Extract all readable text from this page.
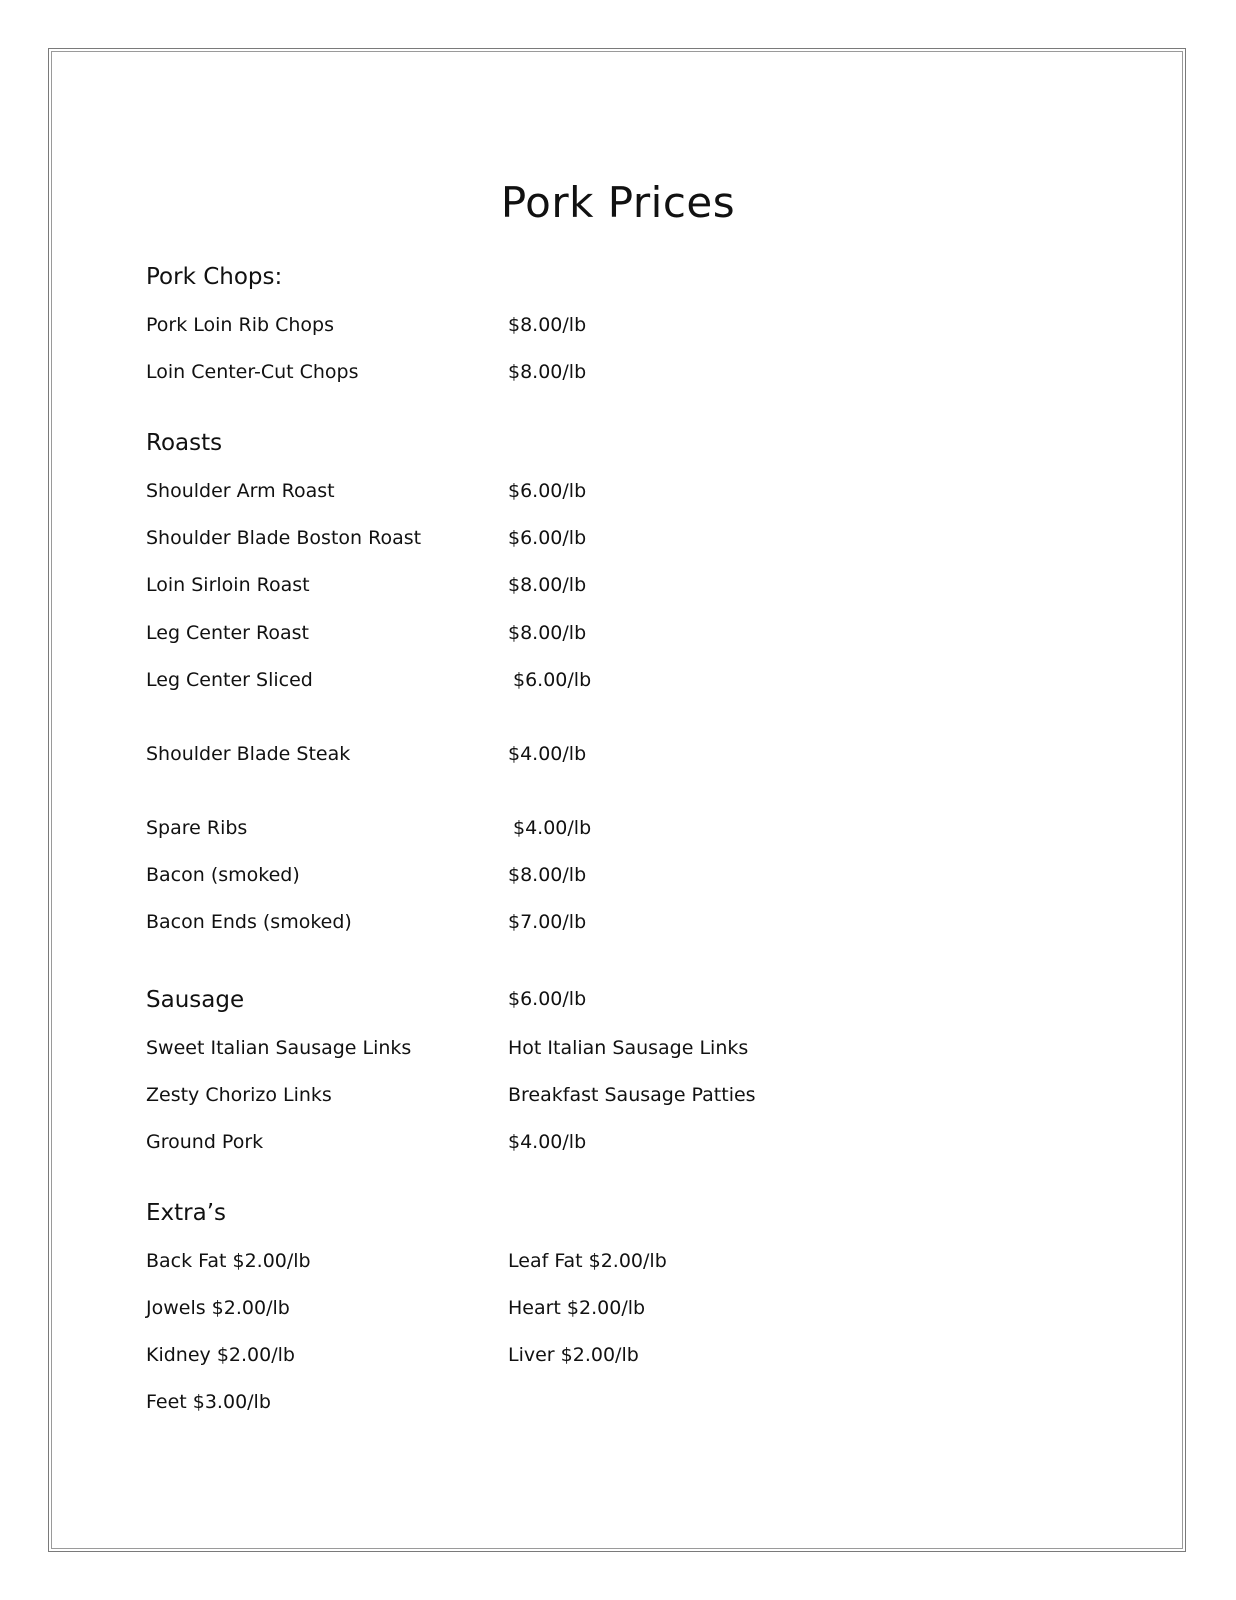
Pork Prices
Pork Chops:
Pork Loin Rib Chops	$8.00/lb
Loin Center-Cut Chops	$8.00/lb
Roasts
Shoulder Arm Roast	$6.00/lb
Shoulder Blade Boston Roast	$6.00/lb
Loin Sirloin Roast	$8.00/lb
Leg Center Roast	$8.00/lb
Leg Center Sliced	$6.00/lb
Shoulder Blade Steak	$4.00/lb
Spare Ribs	$4.00/lb
Bacon (smoked)	$8.00/lb
Bacon Ends (smoked)	$7.00/lb
Sausage	$6.00/lb
Sweet Italian Sausage Links	Hot Italian Sausage Links
Zesty Chorizo Links	Breakfast Sausage Patties
Ground Pork	$4.00/lb
Extra’s
Back Fat $2.00/lb	Leaf Fat $2.00/lb
Jowels $2.00/lb	Heart $2.00/lb
Kidney $2.00/lb	Liver $2.00/lb
Feet $3.00/lb
